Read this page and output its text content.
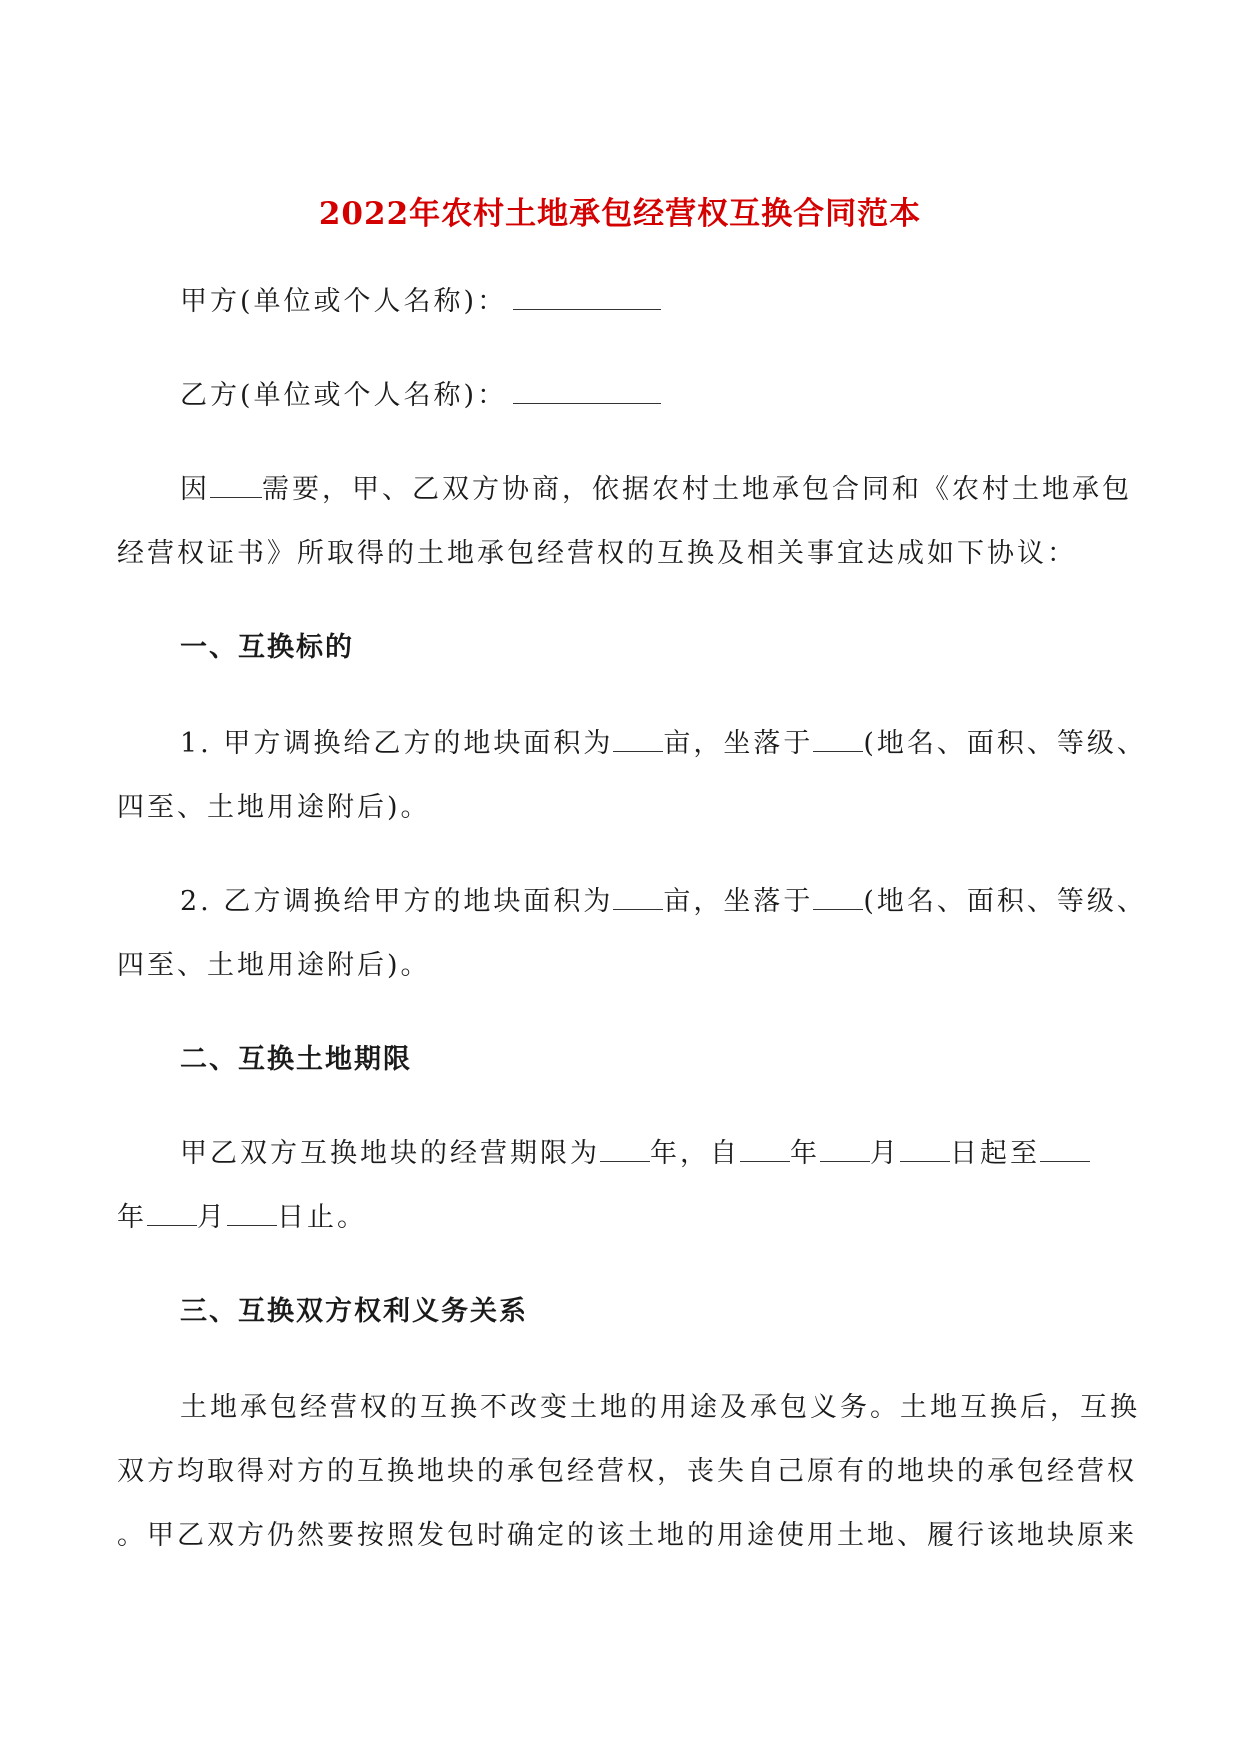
2022年农村土地承包经营权互换合同范本
甲方(单位或个人名称)：
乙方(单位或个人名称)：
因 需要，甲、乙双方协商，依据农村土地承包合同和《农村土地承包
经营权证书》所取得的土地承包经营权的互换及相关事宜达成如下协议：
一、互换标的
1. 甲方调换给乙方的地块面积为 亩，坐落于 (地名、面积、等级、
四至、土地用途附后)。
2. 乙方调换给甲方的地块面积为 亩，坐落于 (地名、面积、等级、
四至、土地用途附后)。
二、互换土地期限
甲乙双方互换地块的经营期限为 年，自 年 月 日起至
年 月 日止。
三、互换双方权利义务关系
土地承包经营权的互换不改变土地的用途及承包义务。土地互换后，互换
双方均取得对方的互换地块的承包经营权，丧失自己原有的地块的承包经营权
。甲乙双方仍然要按照发包时确定的该土地的用途使用土地、履行该地块原来
